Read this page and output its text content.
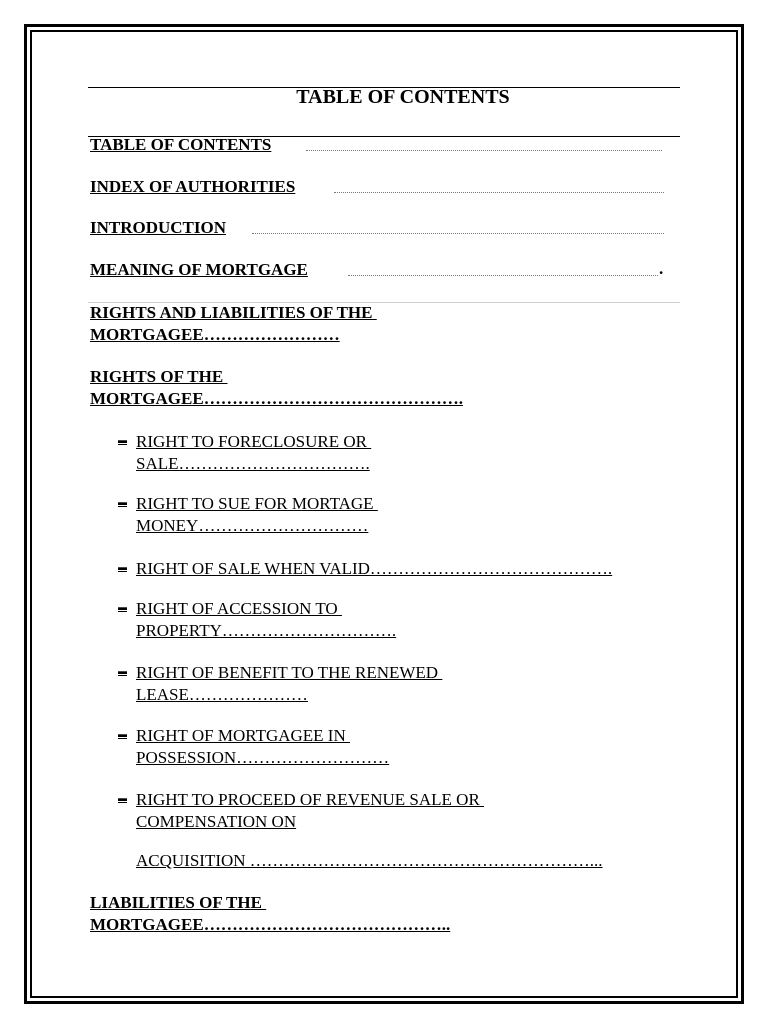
TABLE OF CONTENTS
TABLE OF CONTENTS
INDEX OF AUTHORITIES
INTRODUCTION
MEANING OF MORTGAGE	.
RIGHTS AND LIABILITIES OF THE
MORTGAGEE……………………
RIGHTS OF THE
MORTGAGEE……………………………………….
▬ RIGHT TO FORECLOSURE OR
SALE…………………………….
▬ RIGHT TO SUE FOR MORTAGE
MONEY…………………………
▬ RIGHT OF SALE WHEN VALID…………………………………….
▬ RIGHT OF ACCESSION TO
PROPERTY………………………….
▬ RIGHT OF BENEFIT TO THE RENEWED
LEASE…………………
▬ RIGHT OF MORTGAGEE IN
POSSESSION………………………
▬ RIGHT TO PROCEED OF REVENUE SALE OR
COMPENSATION ON
ACQUISITION ……………………………………………………...
LIABILITIES OF THE
MORTGAGEE……………………………………..
